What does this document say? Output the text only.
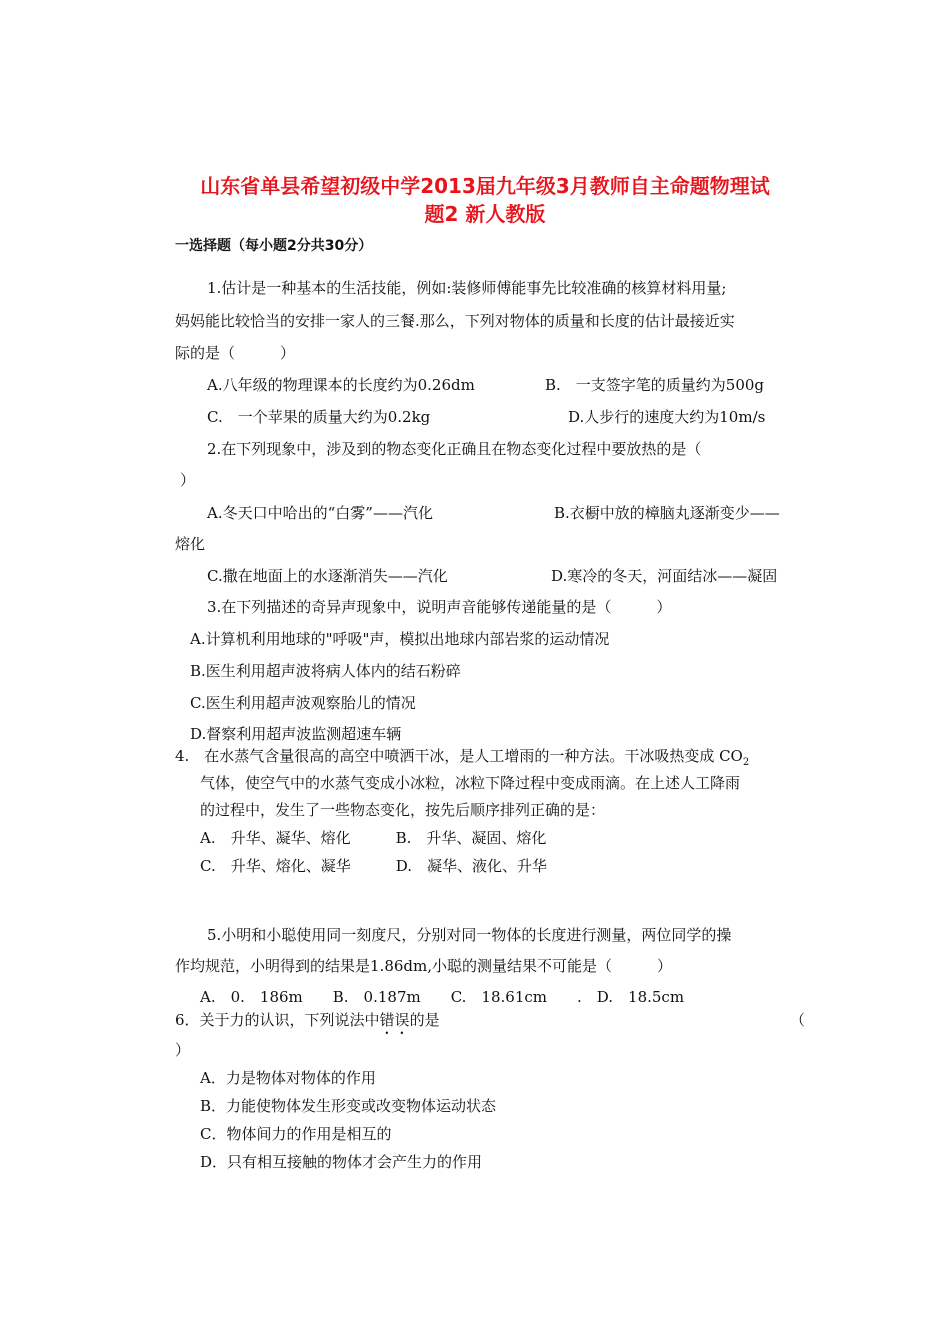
山东省单县希望初级中学2013届九年级3月教师自主命题物理试
题2 新人教版
一选择题（每小题2分共30分）
1.估计是一种基本的生活技能，例如:装修师傅能事先比较准确的核算材料用量;
妈妈能比较恰当的安排一家人的三餐.那么，下列对物体的质量和长度的估计最接近实
际的是（　　　）
A.八年级的物理课本的长度约为0.26dm	B.　一支签字笔的质量约为500g
C.　一个苹果的质量大约为0.2kg	D.人步行的速度大约为10m/s
2.在下列现象中，涉及到的物态变化正确且在物态变化过程中要放热的是（
）
A.冬天口中哈出的“白雾”——汽化	B.衣橱中放的樟脑丸逐渐变少——
熔化
C.撒在地面上的水逐渐消失——汽化	D.寒冷的冬天，河面结冰——凝固
3.在下列描述的奇异声现象中，说明声音能够传递能量的是（　　　）
A.计算机利用地球的"呼吸"声，模拟出地球内部岩浆的运动情况
B.医生利用超声波将病人体内的结石粉碎
C.医生利用超声波观察胎儿的情况
D.督察利用超声波监测超速车辆
4.　在水蒸气含量很高的高空中喷洒干冰，是人工增雨的一种方法。干冰吸热变成 $CO_2$
气体，使空气中的水蒸气变成小冰粒，冰粒下降过程中变成雨滴。在上述人工降雨
的过程中，发生了一些物态变化，按先后顺序排列正确的是：
A.　升华、凝华、熔化　　　B.　升华、凝固、熔化
C.　升华、熔化、凝华　　　D.　凝华、液化、升华
5.小明和小聪使用同一刻度尺，分别对同一物体的长度进行测量，两位同学的操
作均规范，小明得到的结果是1.86dm,小聪的测量结果不可能是（　　　）
A.　0.　186m　　B.　0.187m　　C.　18.61cm　　.　D.　18.5cm
6．关于力的认识，下列说法中错误的是	（
）
A．力是物体对物体的作用
B．力能使物体发生形变或改变物体运动状态
C．物体间力的作用是相互的
D．只有相互接触的物体才会产生力的作用
